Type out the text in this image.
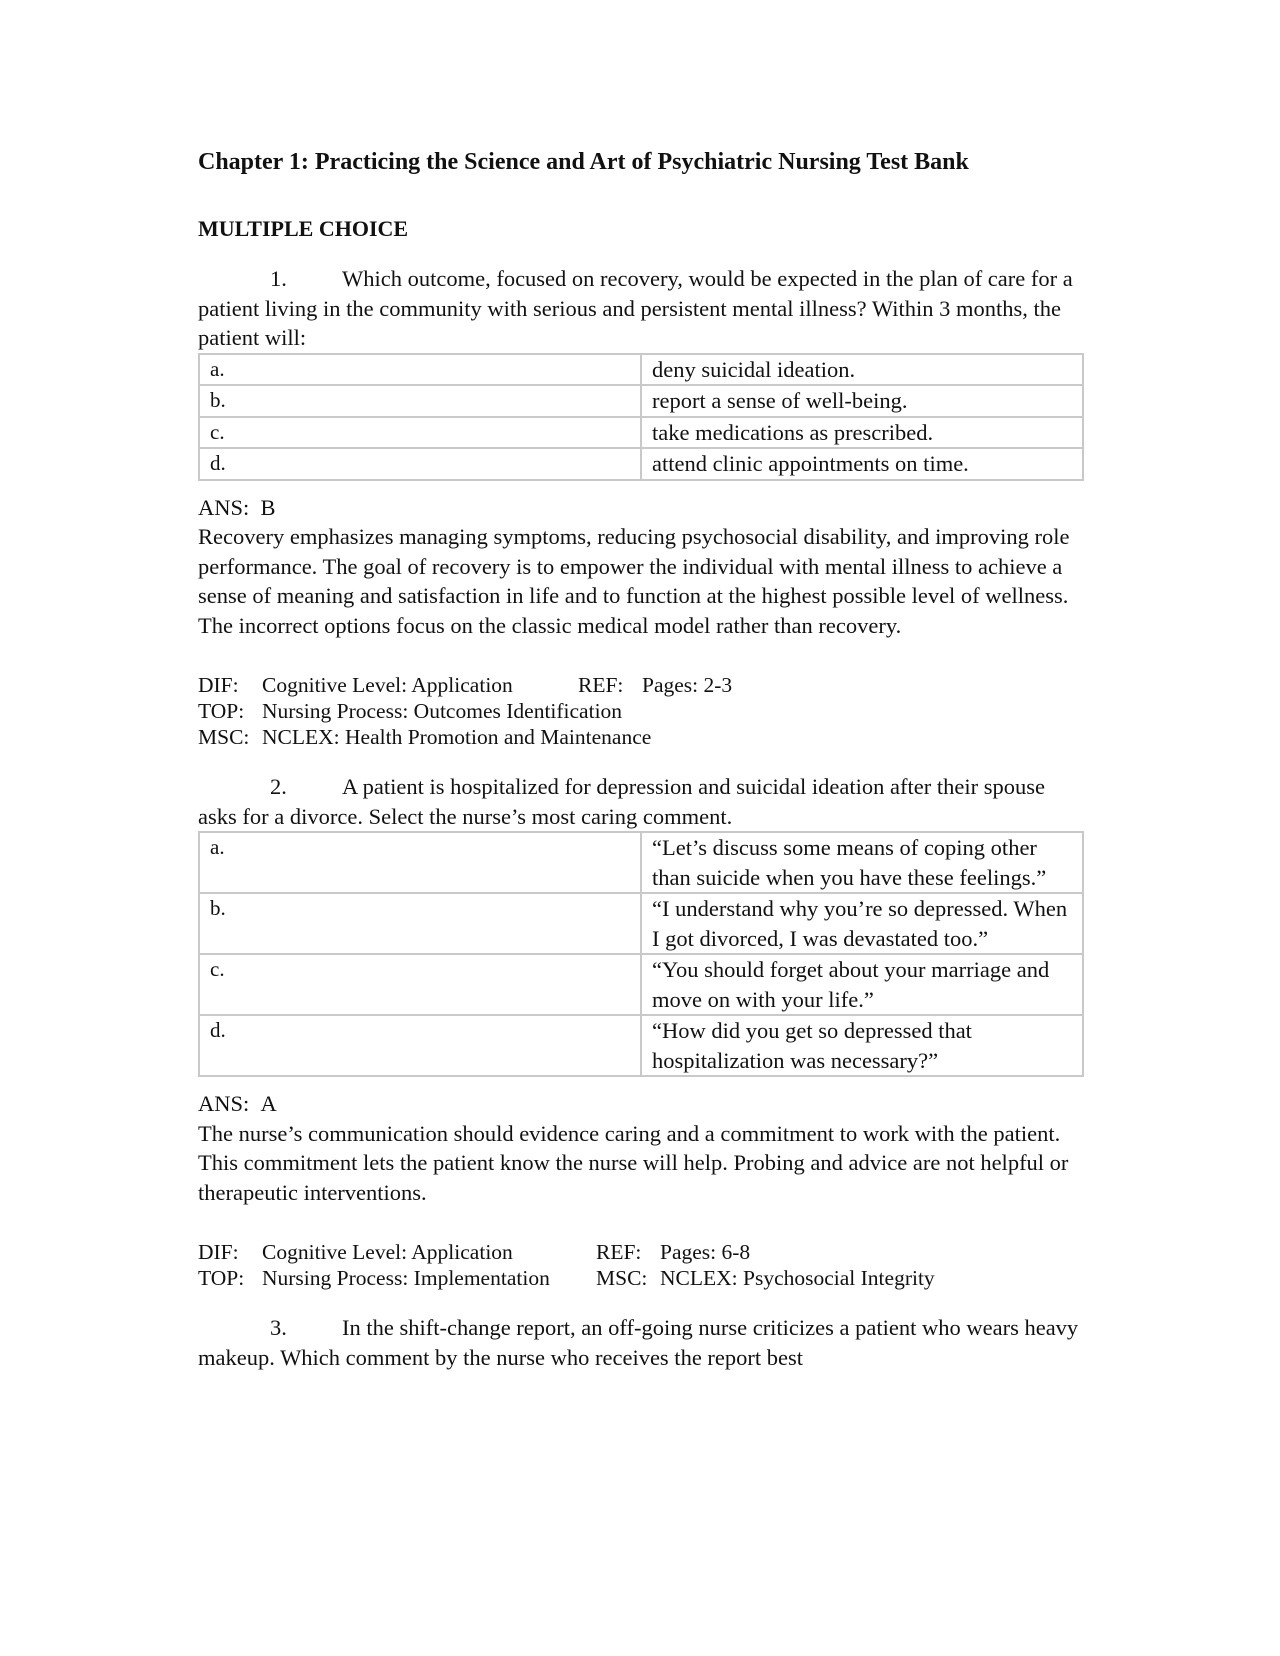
Chapter 1: Practicing the Science and Art of Psychiatric Nursing Test Bank
MULTIPLE CHOICE
1. Which outcome, focused on recovery, would be expected in the plan of care for a patient living in the community with serious and persistent mental illness? Within 3 months, the patient will:
a.	deny suicidal ideation.
b.	report a sense of well-being.
c.	take medications as prescribed.
d.	attend clinic appointments on time.
ANS: B

Recovery emphasizes managing symptoms, reducing psychosocial disability, and improving role performance. The goal of recovery is to empower the individual with mental illness to achieve a sense of meaning and satisfaction in life and to function at the highest possible level of wellness. The incorrect options focus on the classic medical model rather than recovery.

DIF:	Cognitive Level: Application	REF: Pages: 2-3
TOP: Nursing Process: Outcomes Identification
MSC: NCLEX: Health Promotion and Maintenance
2. A patient is hospitalized for depression and suicidal ideation after their spouse asks for a divorce. Select the nurse’s most caring comment.
a.	“Let’s discuss some means of coping other than suicide when you have these feelings.”
b.	“I understand why you’re so depressed. When I got divorced, I was devastated too.”
c.	“You should forget about your marriage and move on with your life.”
d.	“How did you get so depressed that hospitalization was necessary?”
ANS: A

The nurse’s communication should evidence caring and a commitment to work with the patient. This commitment lets the patient know the nurse will help. Probing and advice are not helpful or therapeutic interventions.

DIF:	Cognitive Level: Application	REF: Pages: 6-8
TOP: Nursing Process: Implementation	MSC: NCLEX: Psychosocial Integrity
3. In the shift-change report, an off-going nurse criticizes a patient who wears heavy makeup. Which comment by the nurse who receives the report best
